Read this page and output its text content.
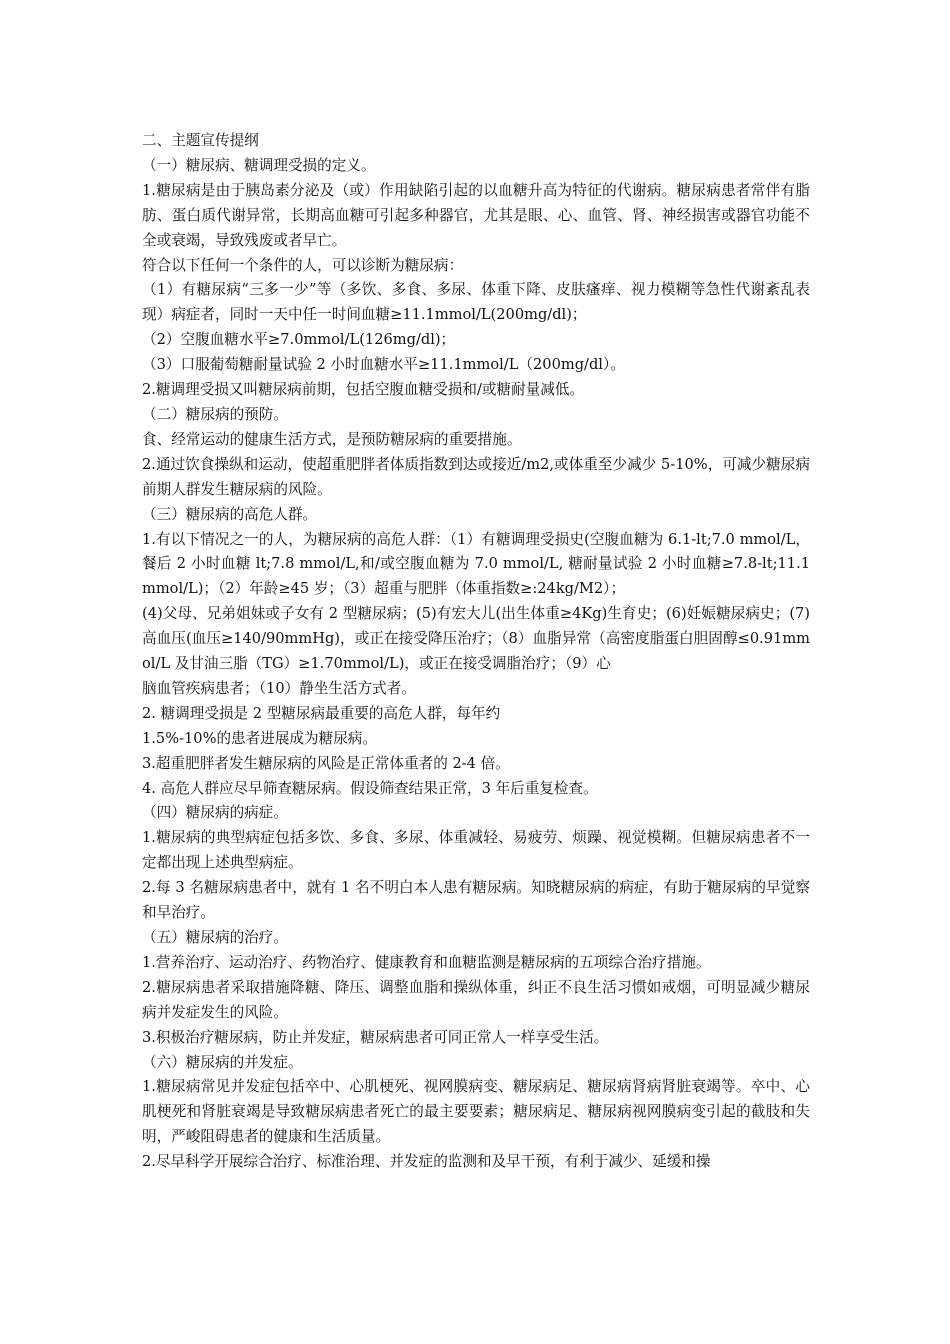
二、主题宣传提纲

（一）糖尿病、糖调理受损的定义。

1.糖尿病是由于胰岛素分泌及（或）作用缺陷引起的以血糖升高为特征的代谢病。糖尿病患者常伴有脂肪、蛋白质代谢异常，长期高血糖可引起多种器官，尤其是眼、心、血管、肾、神经损害或器官功能不全或衰竭，导致残废或者早亡。

符合以下任何一个条件的人，可以诊断为糖尿病：

（1）有糖尿病“三多一少”等（多饮、多食、多尿、体重下降、皮肤瘙痒、视力模糊等急性代谢紊乱表现）病症者，同时一天中任一时间血糖≥11.1mmol/L(200mg/dl)；

（2）空腹血糖水平≥7.0mmol/L(126mg/dl)；

（3）口服葡萄糖耐量试验 2 小时血糖水平≥11.1mmol/L（200mg/dl）。

2.糖调理受损又叫糖尿病前期，包括空腹血糖受损和/或糖耐量减低。

（二）糖尿病的预防。

食、经常运动的健康生活方式，是预防糖尿病的重要措施。

2.通过饮食操纵和运动，使超重肥胖者体质指数到达或接近/m2,或体重至少减少 5-10%，可减少糖尿病前期人群发生糖尿病的风险。

（三）糖尿病的高危人群。

1.有以下情况之一的人，为糖尿病的高危人群：（1）有糖调理受损史(空腹血糖为 6.1-lt;7.0 mmol/L，餐后 2 小时血糖 lt;7.8 mmol/L,和/或空腹血糖为 7.0 mmol/L, 糖耐量试验 2 小时血糖≥7.8-lt;11.1 mmol/L)；（2）年龄≥45 岁；（3）超重与肥胖（体重指数≥:24kg/M2）；

(4)父母、兄弟姐妹或子女有 2 型糖尿病；(5)有宏大儿(出生体重≥4Kg)生育史；(6)妊娠糖尿病史；(7)高血压(血压≥140/90mmHg)，或正在接受降压治疗；（8）血脂异常（高密度脂蛋白胆固醇≤0.91mmol/L 及甘油三脂（TG）≥1.70mmol/L)，或正在接受调脂治疗；（9）心

脑血管疾病患者；（10）静坐生活方式者。

2. 糖调理受损是 2 型糖尿病最重要的高危人群，每年约

1.5%-10%的患者进展成为糖尿病。

3.超重肥胖者发生糖尿病的风险是正常体重者的 2-4 倍。

4. 高危人群应尽早筛查糖尿病。假设筛查结果正常，3 年后重复检查。

（四）糖尿病的病症。

1.糖尿病的典型病症包括多饮、多食、多尿、体重减轻、易疲劳、烦躁、视觉模糊。但糖尿病患者不一定都出现上述典型病症。

2.每 3 名糖尿病患者中，就有 1 名不明白本人患有糖尿病。知晓糖尿病的病症，有助于糖尿病的早觉察和早治疗。

（五）糖尿病的治疗。

1.营养治疗、运动治疗、药物治疗、健康教育和血糖监测是糖尿病的五项综合治疗措施。

2.糖尿病患者采取措施降糖、降压、调整血脂和操纵体重，纠正不良生活习惯如戒烟，可明显减少糖尿病并发症发生的风险。

3.积极治疗糖尿病，防止并发症，糖尿病患者可同正常人一样享受生活。

（六）糖尿病的并发症。

1.糖尿病常见并发症包括卒中、心肌梗死、视网膜病变、糖尿病足、糖尿病肾病肾脏衰竭等。卒中、心肌梗死和肾脏衰竭是导致糖尿病患者死亡的最主要要素；糖尿病足、糖尿病视网膜病变引起的截肢和失明，严峻阻碍患者的健康和生活质量。

2.尽早科学开展综合治疗、标准治理、并发症的监测和及早干预，有利于减少、延缓和操
